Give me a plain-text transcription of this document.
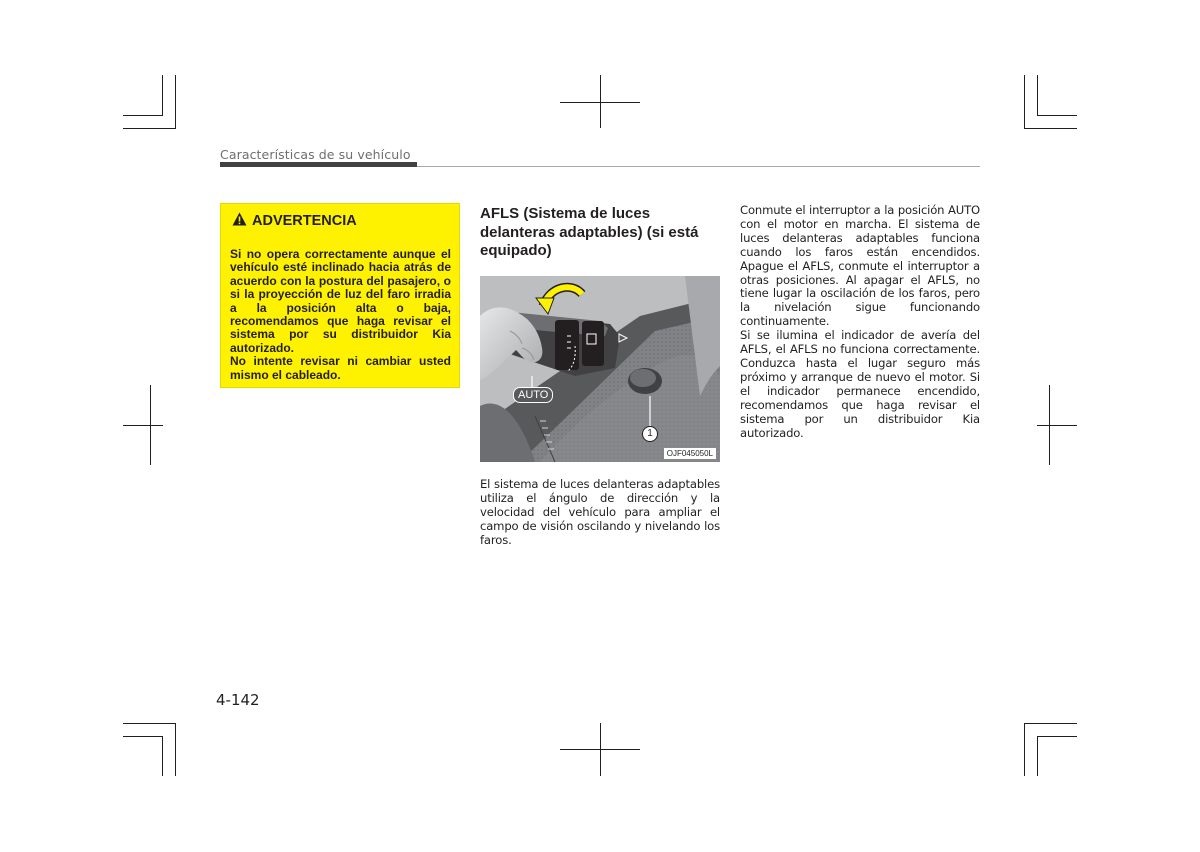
Características de su vehículo
ADVERTENCIA

Si no opera correctamente aunque el vehículo esté inclinado hacia atrás de acuerdo con la postura del pasajero, o si la proyección de luz del faro irradia a la posición alta o baja, recomendamos que haga revisar el sistema por su distribuidor Kia autorizado.

No intente revisar ni cambiar usted mismo el cableado.

AFLS (Sistema de luces delanteras adaptables) (si está equipado)
AUTO
1
OJF045050L

El sistema de luces delanteras adaptables utiliza el ángulo de dirección y la velocidad del vehículo para ampliar el campo de visión oscilando y nivelando los faros.

Conmute el interruptor a la posición AUTO con el motor en marcha. El sistema de luces delanteras adaptables funciona cuando los faros están encendidos. Apague el AFLS, conmute el interruptor a otras posiciones. Al apagar el AFLS, no tiene lugar la oscilación de los faros, pero la nivelación sigue funcionando continuamente.

Si se ilumina el indicador de avería del AFLS, el AFLS no funciona correctamente. Conduzca hasta el lugar seguro más próximo y arranque de nuevo el motor. Si el indicador permanece encendido, recomendamos que haga revisar el sistema por un distribuidor Kia autorizado.

4-142
